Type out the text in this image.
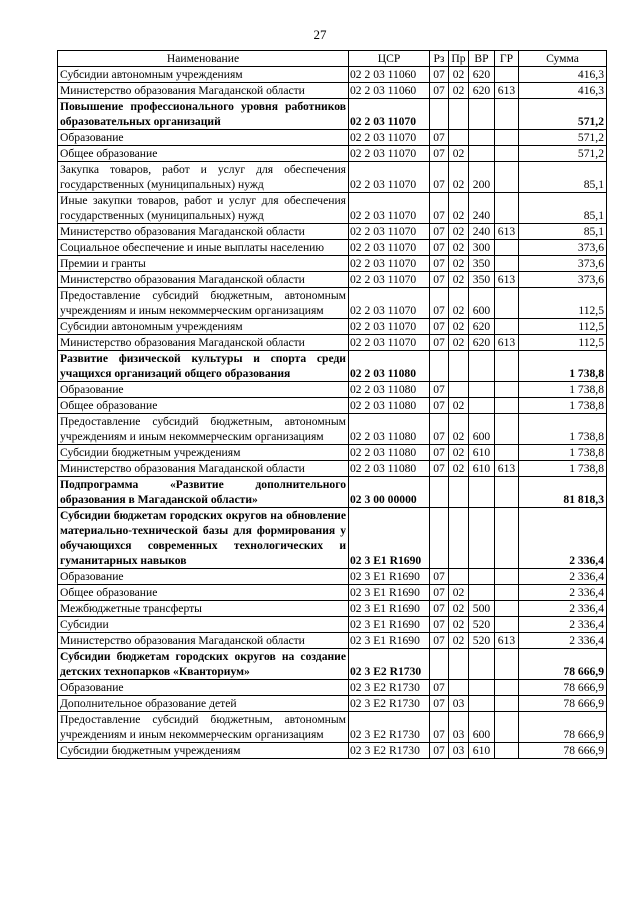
27
Наименование	ЦСР	Рз	Пр	ВР	ГР	Сумма
Субсидии автономным учреждениям	02 2 03 11060	07	02	620		416,3
Министерство образования Магаданской области	02 2 03 11060	07	02	620	613	416,3
Повышение профессионального уровня работников образовательных организаций	02 2 03 11070					571,2
Образование	02 2 03 11070	07				571,2
Общее образование	02 2 03 11070	07	02			571,2
Закупка товаров, работ и услуг для обеспечения государственных (муниципальных) нужд	02 2 03 11070	07	02	200		85,1
Иные закупки товаров, работ и услуг для обеспечения государственных (муниципальных) нужд	02 2 03 11070	07	02	240		85,1
Министерство образования Магаданской области	02 2 03 11070	07	02	240	613	85,1
Социальное обеспечение и иные выплаты населению	02 2 03 11070	07	02	300		373,6
Премии и гранты	02 2 03 11070	07	02	350		373,6
Министерство образования Магаданской области	02 2 03 11070	07	02	350	613	373,6
Предоставление субсидий бюджетным, автономным учреждениям и иным некоммерческим организациям	02 2 03 11070	07	02	600		112,5
Субсидии автономным учреждениям	02 2 03 11070	07	02	620		112,5
Министерство образования Магаданской области	02 2 03 11070	07	02	620	613	112,5
Развитие физической культуры и спорта среди учащихся организаций общего образования	02 2 03 11080					1 738,8
Образование	02 2 03 11080	07				1 738,8
Общее образование	02 2 03 11080	07	02			1 738,8
Предоставление субсидий бюджетным, автономным учреждениям и иным некоммерческим организациям	02 2 03 11080	07	02	600		1 738,8
Субсидии бюджетным учреждениям	02 2 03 11080	07	02	610		1 738,8
Министерство образования Магаданской области	02 2 03 11080	07	02	610	613	1 738,8
Подпрограмма «Развитие дополнительного образования в Магаданской области»	02 3 00 00000					81 818,3
Субсидии бюджетам городских округов на обновление материально-технической базы для формирования у обучающихся современных технологических и гуманитарных навыков	02 3 E1 R1690					2 336,4
Образование	02 3 E1 R1690	07				2 336,4
Общее образование	02 3 E1 R1690	07	02			2 336,4
Межбюджетные трансферты	02 3 E1 R1690	07	02	500		2 336,4
Субсидии	02 3 E1 R1690	07	02	520		2 336,4
Министерство образования Магаданской области	02 3 E1 R1690	07	02	520	613	2 336,4
Субсидии бюджетам городских округов на создание детских технопарков «Кванториум»	02 3 E2 R1730					78 666,9
Образование	02 3 E2 R1730	07				78 666,9
Дополнительное образование детей	02 3 E2 R1730	07	03			78 666,9
Предоставление субсидий бюджетным, автономным учреждениям и иным некоммерческим организациям	02 3 E2 R1730	07	03	600		78 666,9
Субсидии бюджетным учреждениям	02 3 E2 R1730	07	03	610		78 666,9
